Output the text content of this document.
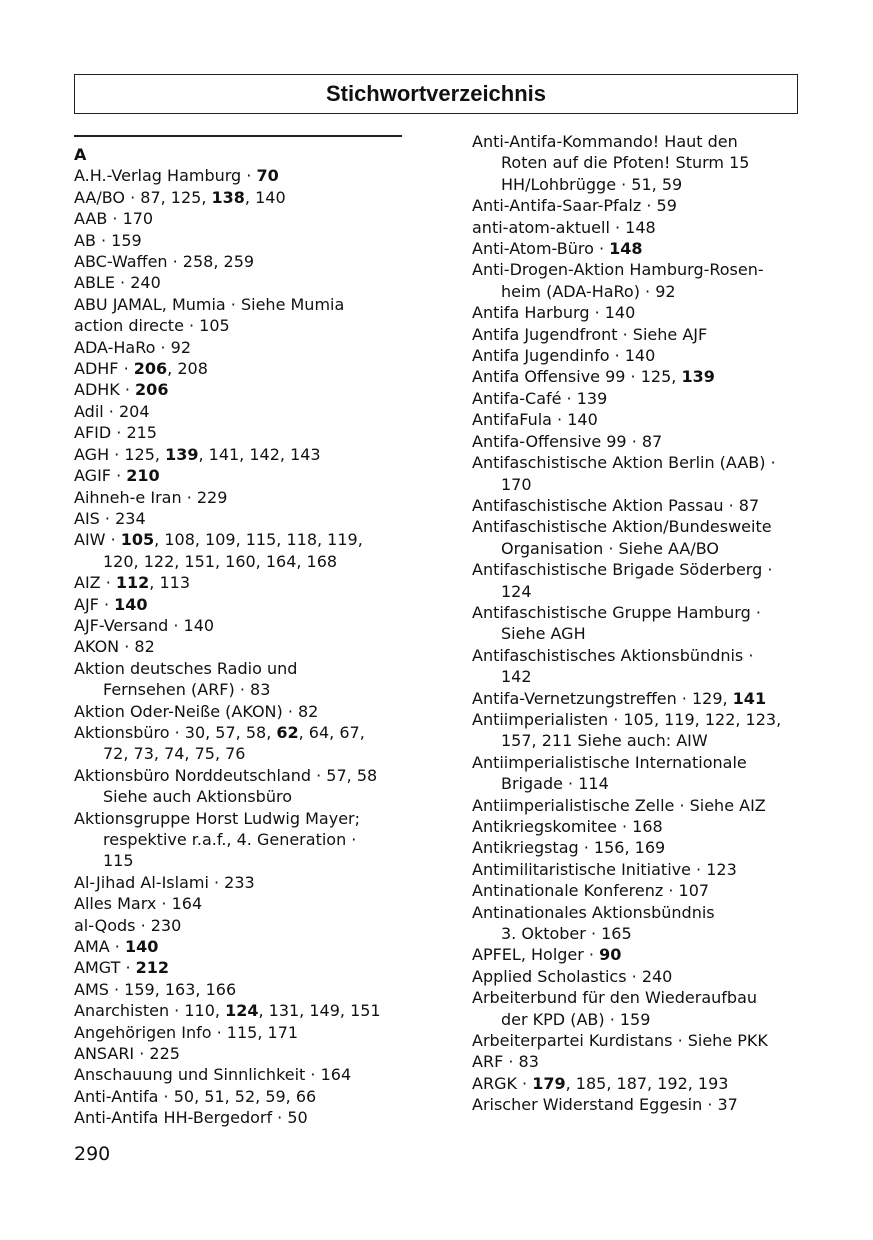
Stichwortverzeichnis
A
A.H.-Verlag Hamburg · 70
AA/BO · 87, 125, 138, 140
AAB · 170
AB · 159
ABC-Waffen · 258, 259
ABLE · 240
ABU JAMAL, Mumia · Siehe Mumia
action directe · 105
ADA-HaRo · 92
ADHF · 206, 208
ADHK · 206
Adil · 204
AFID · 215
AGH · 125, 139, 141, 142, 143
AGIF · 210
Aihneh-e Iran · 229
AIS · 234
AIW · 105, 108, 109, 115, 118, 119,
120, 122, 151, 160, 164, 168
AIZ · 112, 113
AJF · 140
AJF-Versand · 140
AKON · 82
Aktion deutsches Radio und
Fernsehen (ARF) · 83
Aktion Oder-Neiße (AKON) · 82
Aktionsbüro · 30, 57, 58, 62, 64, 67,
72, 73, 74, 75, 76
Aktionsbüro Norddeutschland · 57, 58
Siehe auch Aktionsbüro
Aktionsgruppe Horst Ludwig Mayer;
respektive r.a.f., 4. Generation ·
115
Al-Jihad Al-Islami · 233
Alles Marx · 164
al-Qods · 230
AMA · 140
AMGT · 212
AMS · 159, 163, 166
Anarchisten · 110, 124, 131, 149, 151
Angehörigen Info · 115, 171
ANSARI · 225
Anschauung und Sinnlichkeit · 164
Anti-Antifa · 50, 51, 52, 59, 66
Anti-Antifa HH-Bergedorf · 50
Anti-Antifa-Kommando! Haut den
Roten auf die Pfoten! Sturm 15
HH/Lohbrügge · 51, 59
Anti-Antifa-Saar-Pfalz · 59
anti-atom-aktuell · 148
Anti-Atom-Büro · 148
Anti-Drogen-Aktion Hamburg-Rosen-
heim (ADA-HaRo) · 92
Antifa Harburg · 140
Antifa Jugendfront · Siehe AJF
Antifa Jugendinfo · 140
Antifa Offensive 99 · 125, 139
Antifa-Café · 139
AntifaFula · 140
Antifa-Offensive 99 · 87
Antifaschistische Aktion Berlin (AAB) ·
170
Antifaschistische Aktion Passau · 87
Antifaschistische Aktion/Bundesweite
Organisation · Siehe AA/BO
Antifaschistische Brigade Söderberg ·
124
Antifaschistische Gruppe Hamburg ·
Siehe AGH
Antifaschistisches Aktionsbündnis ·
142
Antifa-Vernetzungstreffen · 129, 141
Antiimperialisten · 105, 119, 122, 123,
157, 211 Siehe auch: AIW
Antiimperialistische Internationale
Brigade · 114
Antiimperialistische Zelle · Siehe AIZ
Antikriegskomitee · 168
Antikriegstag · 156, 169
Antimilitaristische Initiative · 123
Antinationale Konferenz · 107
Antinationales Aktionsbündnis
3. Oktober · 165
APFEL, Holger · 90
Applied Scholastics · 240
Arbeiterbund für den Wiederaufbau
der KPD (AB) · 159
Arbeiterpartei Kurdistans · Siehe PKK
ARF · 83
ARGK · 179, 185, 187, 192, 193
Arischer Widerstand Eggesin · 37
290
